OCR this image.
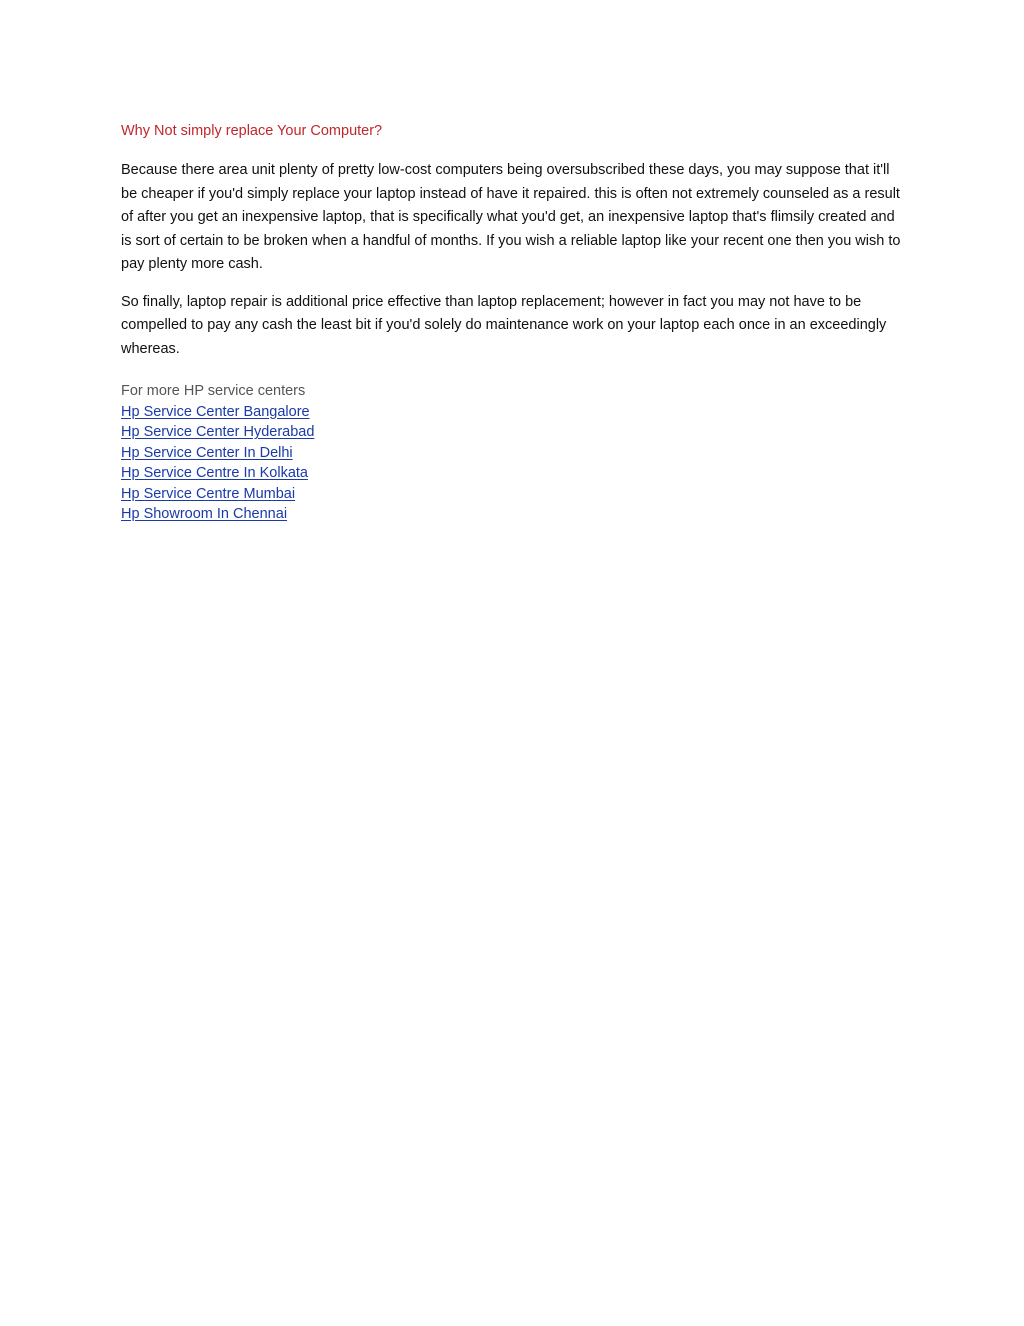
Why Not simply replace Your Computer?

Because there area unit plenty of pretty low-cost computers being oversubscribed these days, you may suppose that it'll be cheaper if you'd simply replace your laptop instead of have it repaired. this is often not extremely counseled as a result of after you get an inexpensive laptop, that is specifically what you'd get, an inexpensive laptop that's flimsily created and is sort of certain to be broken when a handful of months. If you wish a reliable laptop like your recent one then you wish to pay plenty more cash.

So finally, laptop repair is additional price effective than laptop replacement; however in fact you may not have to be compelled to pay any cash the least bit if you'd solely do maintenance work on your laptop each once in an exceedingly whereas.

For more HP service centers

Hp Service Center Bangalore
Hp Service Center Hyderabad
Hp Service Center In Delhi
Hp Service Centre In Kolkata
Hp Service Centre Mumbai
Hp Showroom In Chennai
